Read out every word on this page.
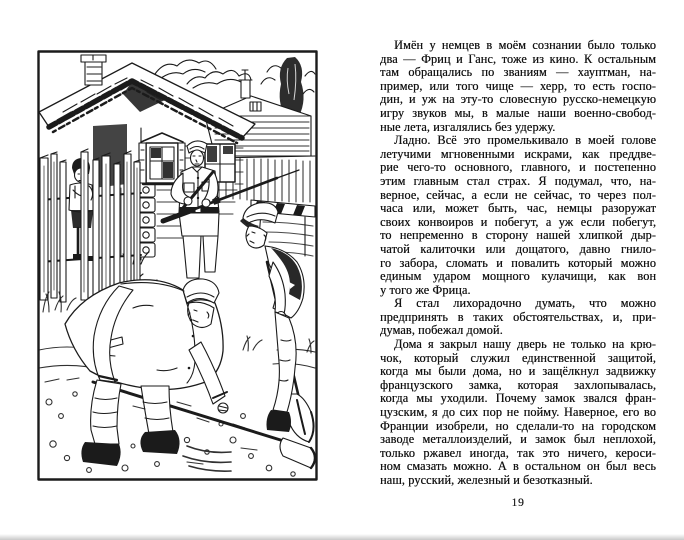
Имён у немцев в моём сознании было только
два — Фриц и Ганс, тоже из кино. К остальным
там обращались по званиям — хауптман, на-
пример, или того чище — херр, то есть госпо-
дин, и уж на эту-то словесную русско-немецкую
игру звуков мы, в малые наши военно-свобод-
ные лета, изгалялись без удержу.
Ладно. Всё это промелькивало в моей голове
летучими мгновенными искрами, как преддве-
рие чего-то основного, главного, и постепенно
этим главным стал страх. Я подумал, что, на-
верное, сейчас, а если не сейчас, то через пол-
часа или, может быть, час, немцы разоружат
своих конвоиров и побегут, а уж если побегут,
то непременно в сторону нашей хлипкой дыр-
чатой калиточки или дощатого, давно гнило-
го забора, сломать и повалить который можно
единым ударом мощного кулачищи, как вон
у того же Фрица.
Я стал лихорадочно думать, что можно
предпринять в таких обстоятельствах, и, при-
думав, побежал домой.
Дома я закрыл нашу дверь не только на крю-
чок, который служил единственной защитой,
когда мы были дома, но и защёлкнул задвижку
французского замка, которая захлопывалась,
когда мы уходили. Почему замок звался фран-
цузским, я до сих пор не пойму. Наверное, его во
Франции изобрели, но сделали-то на городском
заводе металлоизделий, и замок был неплохой,
только ржавел иногда, так это ничего, кероси-
ном смазать можно. А в остальном он был весь
наш, русский, железный и безотказный.
19
